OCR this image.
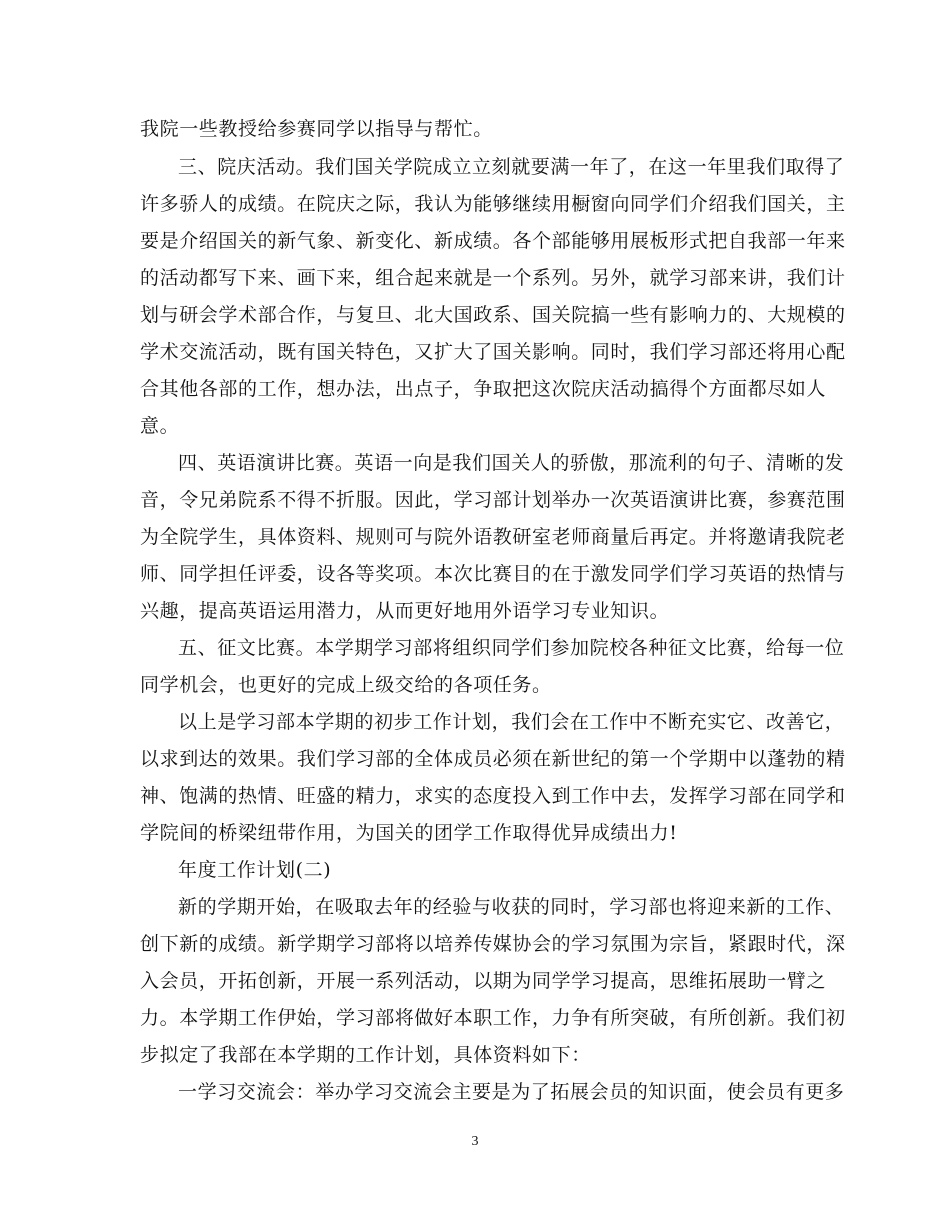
我院一些教授给参赛同学以指导与帮忙。
三、院庆活动。我们国关学院成立立刻就要满一年了，在这一年里我们取得了
许多骄人的成绩。在院庆之际，我认为能够继续用橱窗向同学们介绍我们国关，主
要是介绍国关的新气象、新变化、新成绩。各个部能够用展板形式把自我部一年来
的活动都写下来、画下来，组合起来就是一个系列。另外，就学习部来讲，我们计
划与研会学术部合作，与复旦、北大国政系、国关院搞一些有影响力的、大规模的
学术交流活动，既有国关特色，又扩大了国关影响。同时，我们学习部还将用心配
合其他各部的工作，想办法，出点子，争取把这次院庆活动搞得个方面都尽如人
意。
四、英语演讲比赛。英语一向是我们国关人的骄傲，那流利的句子、清晰的发
音，令兄弟院系不得不折服。因此，学习部计划举办一次英语演讲比赛，参赛范围
为全院学生，具体资料、规则可与院外语教研室老师商量后再定。并将邀请我院老
师、同学担任评委，设各等奖项。本次比赛目的在于激发同学们学习英语的热情与
兴趣，提高英语运用潜力，从而更好地用外语学习专业知识。
五、征文比赛。本学期学习部将组织同学们参加院校各种征文比赛，给每一位
同学机会，也更好的完成上级交给的各项任务。
以上是学习部本学期的初步工作计划，我们会在工作中不断充实它、改善它，
以求到达的效果。我们学习部的全体成员必须在新世纪的第一个学期中以蓬勃的精
神、饱满的热情、旺盛的精力，求实的态度投入到工作中去，发挥学习部在同学和
学院间的桥梁纽带作用，为国关的团学工作取得优异成绩出力!
年度工作计划(二)
新的学期开始，在吸取去年的经验与收获的同时，学习部也将迎来新的工作、
创下新的成绩。新学期学习部将以培养传媒协会的学习氛围为宗旨，紧跟时代，深
入会员，开拓创新，开展一系列活动，以期为同学学习提高，思维拓展助一臂之
力。本学期工作伊始，学习部将做好本职工作，力争有所突破，有所创新。我们初
步拟定了我部在本学期的工作计划，具体资料如下：
一学习交流会：举办学习交流会主要是为了拓展会员的知识面，使会员有更多
3
